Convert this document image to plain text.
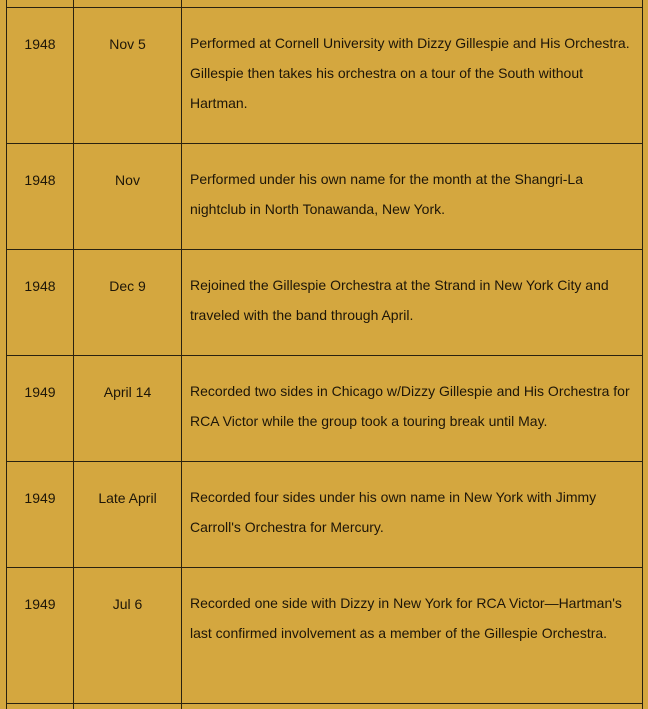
1948	Nov 5	Performed at Cornell University with Dizzy Gillespie and His Orchestra. Gillespie then takes his orchestra on a tour of the South without Hartman.
1948	Nov	Performed under his own name for the month at the Shangri-La nightclub in North Tonawanda, New York.
1948	Dec 9	Rejoined the Gillespie Orchestra at the Strand in New York City and traveled with the band through April.
1949	April 14	Recorded two sides in Chicago w/Dizzy Gillespie and His Orchestra for RCA Victor while the group took a touring break until May.
1949	Late April	Recorded four sides under his own name in New York with Jimmy Carroll's Orchestra for Mercury.
1949	Jul 6	Recorded one side with Dizzy in New York for RCA Victor—Hartman's last confirmed involvement as a member of the Gillespie Orchestra.
